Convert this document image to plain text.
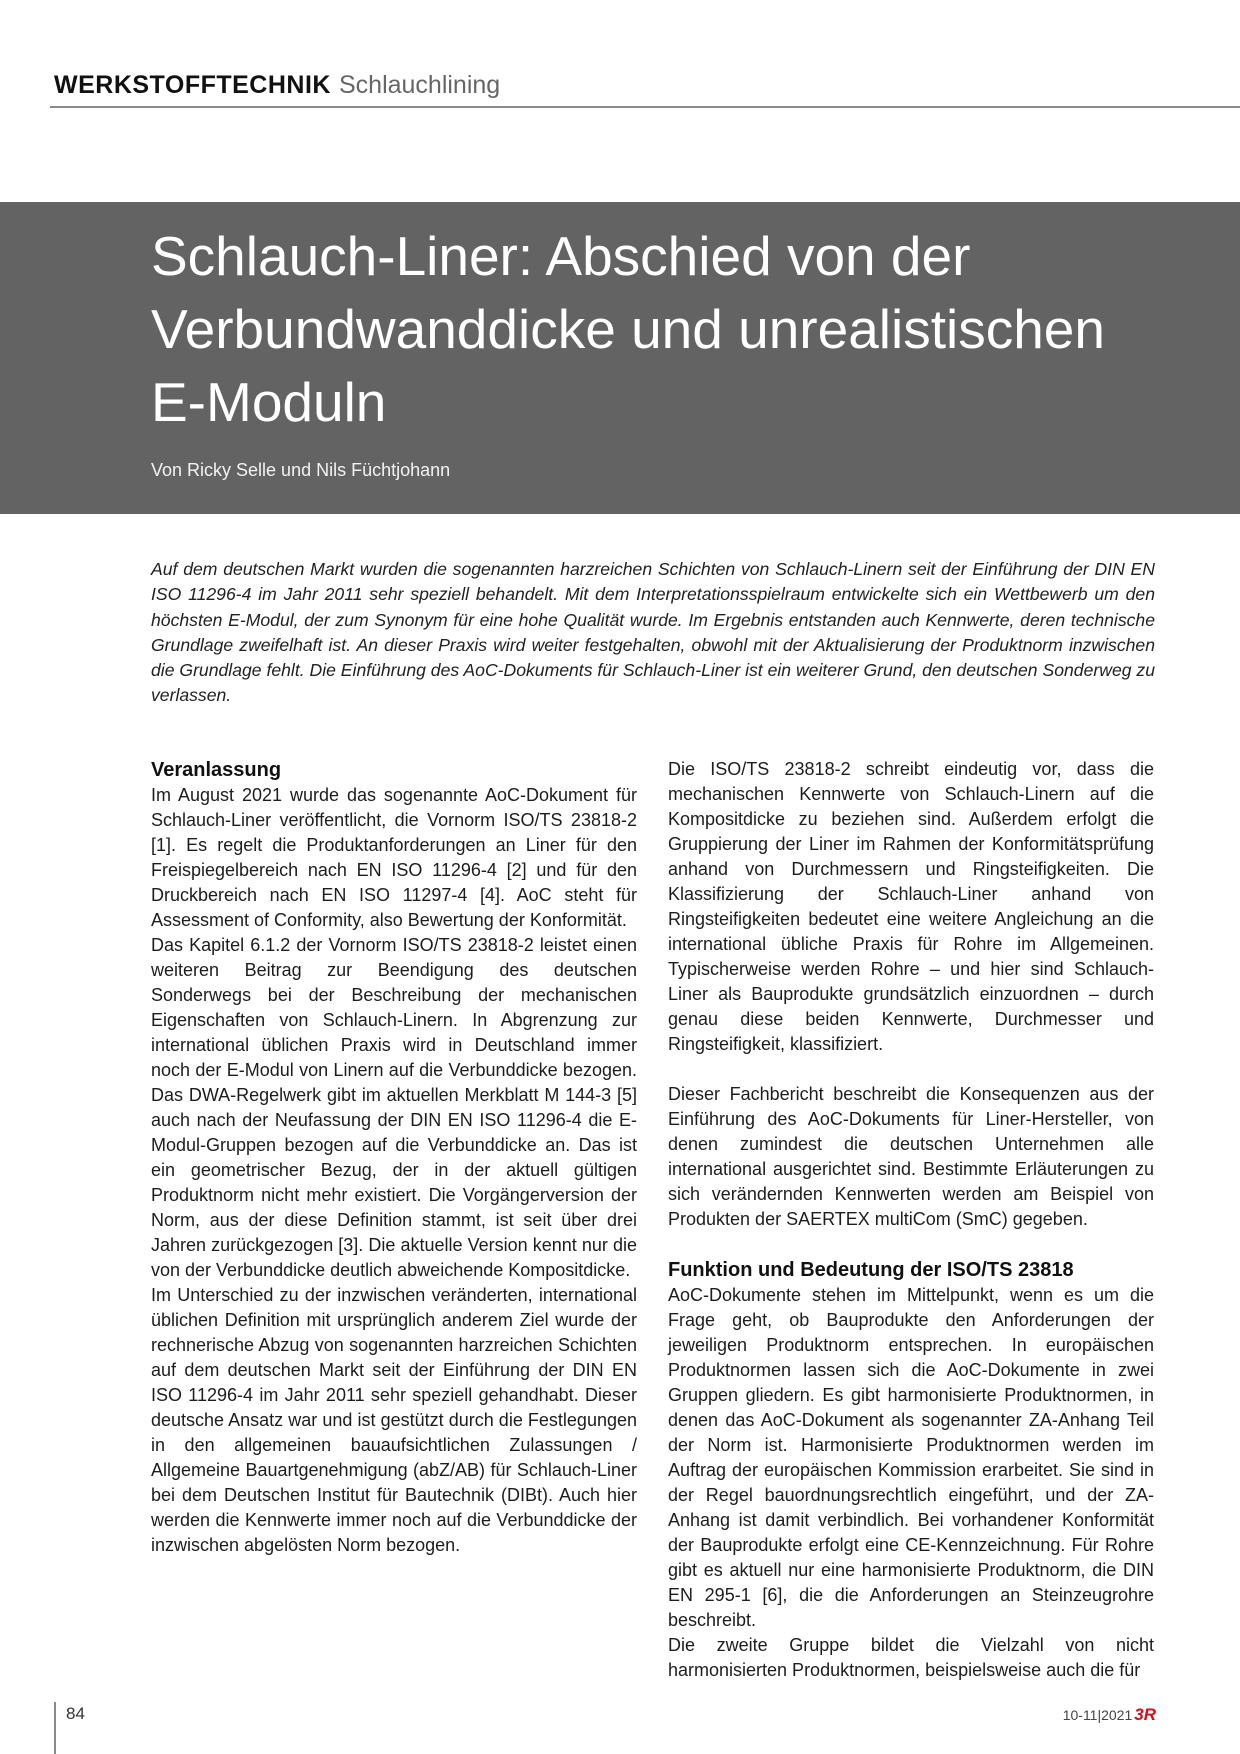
WERKSTOFFTECHNIK Schlauchlining
Schlauch-Liner: Abschied von der Verbundwanddicke und unrealistischen E-Moduln
Von Ricky Selle und Nils Füchtjohann

Auf dem deutschen Markt wurden die sogenannten harzreichen Schichten von Schlauch-Linern seit der Einführung der DIN EN ISO 11296-4 im Jahr 2011 sehr speziell behandelt. Mit dem Interpretationsspielraum entwickelte sich ein Wettbewerb um den höchsten E-Modul, der zum Synonym für eine hohe Qualität wurde. Im Ergebnis entstanden auch Kennwerte, deren technische Grundlage zweifelhaft ist. An dieser Praxis wird weiter festgehalten, obwohl mit der Aktualisierung der Produktnorm inzwischen die Grundlage fehlt. Die Einführung des AoC-Dokuments für Schlauch-Liner ist ein weiterer Grund, den deutschen Sonderweg zu verlassen.

Veranlassung

Im August 2021 wurde das sogenannte AoC-Dokument für Schlauch-Liner veröffentlicht, die Vornorm ISO/TS 23818-2 [1]. Es regelt die Produktanforderungen an Liner für den Freispiegelbereich nach EN ISO 11296-4 [2] und für den Druckbereich nach EN ISO 11297-4 [4]. AoC steht für Assessment of Conformity, also Bewertung der Konformität.

Das Kapitel 6.1.2 der Vornorm ISO/TS 23818-2 leistet einen weiteren Beitrag zur Beendigung des deutschen Sonderwegs bei der Beschreibung der mechanischen Eigenschaften von Schlauch-Linern. In Abgrenzung zur international üblichen Praxis wird in Deutschland immer noch der E-Modul von Linern auf die Verbunddicke bezogen. Das DWA-Regelwerk gibt im aktuellen Merkblatt M 144-3 [5] auch nach der Neufassung der DIN EN ISO 11296-4 die E-Modul-Gruppen bezogen auf die Verbunddicke an. Das ist ein geometrischer Bezug, der in der aktuell gültigen Produktnorm nicht mehr existiert. Die Vorgängerversion der Norm, aus der diese Definition stammt, ist seit über drei Jahren zurückgezogen [3]. Die aktuelle Version kennt nur die von der Verbunddicke deutlich abweichende Kompositdicke.

Im Unterschied zu der inzwischen veränderten, international üblichen Definition mit ursprünglich anderem Ziel wurde der rechnerische Abzug von sogenannten harzreichen Schichten auf dem deutschen Markt seit der Einführung der DIN EN ISO 11296-4 im Jahr 2011 sehr speziell gehandhabt. Dieser deutsche Ansatz war und ist gestützt durch die Festlegungen in den allgemeinen bauaufsichtlichen Zulassungen / Allgemeine Bauartgenehmigung (abZ/AB) für Schlauch-Liner bei dem Deutschen Institut für Bautechnik (DIBt). Auch hier werden die Kennwerte immer noch auf die Verbunddicke der inzwischen abgelösten Norm bezogen.

Die ISO/TS 23818-2 schreibt eindeutig vor, dass die mechanischen Kennwerte von Schlauch-Linern auf die Kompositdicke zu beziehen sind. Außerdem erfolgt die Gruppierung der Liner im Rahmen der Konformitätsprüfung anhand von Durchmessern und Ringsteifigkeiten. Die Klassifizierung der Schlauch-Liner anhand von Ringsteifigkeiten bedeutet eine weitere Angleichung an die international übliche Praxis für Rohre im Allgemeinen. Typischerweise werden Rohre – und hier sind Schlauch-Liner als Bauprodukte grundsätzlich einzuordnen – durch genau diese beiden Kennwerte, Durchmesser und Ringsteifigkeit, klassifiziert.

Dieser Fachbericht beschreibt die Konsequenzen aus der Einführung des AoC-Dokuments für Liner-Hersteller, von denen zumindest die deutschen Unternehmen alle international ausgerichtet sind. Bestimmte Erläuterungen zu sich verändernden Kennwerten werden am Beispiel von Produkten der SAERTEX multiCom (SmC) gegeben.

Funktion und Bedeutung der ISO/TS 23818

AoC-Dokumente stehen im Mittelpunkt, wenn es um die Frage geht, ob Bauprodukte den Anforderungen der jeweiligen Produktnorm entsprechen. In europäischen Produktnormen lassen sich die AoC-Dokumente in zwei Gruppen gliedern. Es gibt harmonisierte Produktnormen, in denen das AoC-Dokument als sogenannter ZA-Anhang Teil der Norm ist. Harmonisierte Produktnormen werden im Auftrag der europäischen Kommission erarbeitet. Sie sind in der Regel bauordnungsrechtlich eingeführt, und der ZA-Anhang ist damit verbindlich. Bei vorhandener Konformität der Bauprodukte erfolgt eine CE-Kennzeichnung. Für Rohre gibt es aktuell nur eine harmonisierte Produktnorm, die DIN EN 295-1 [6], die die Anforderungen an Steinzeugrohre beschreibt.

Die zweite Gruppe bildet die Vielzahl von nicht harmonisierten Produktnormen, beispielsweise auch die für

84	10-11|2021 3R
